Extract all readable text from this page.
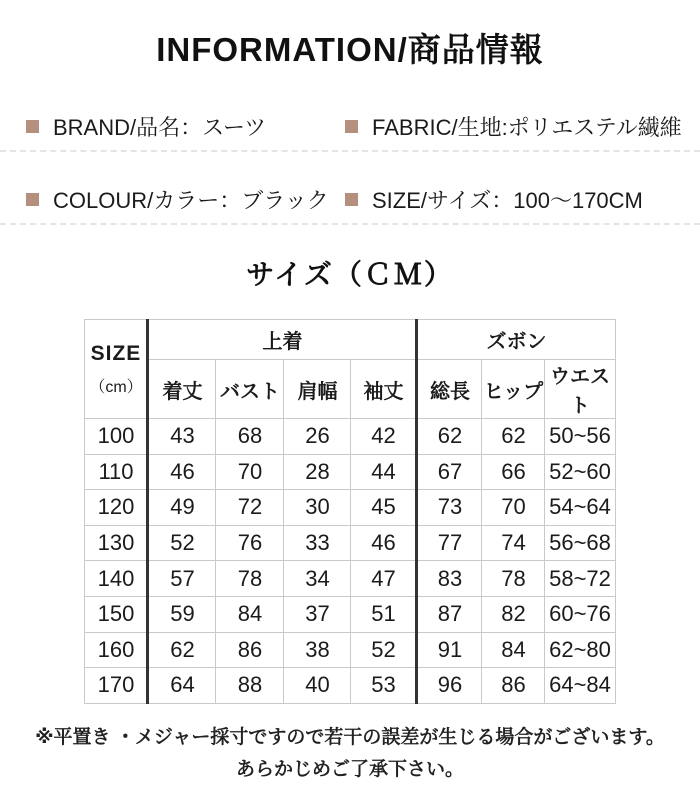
INFORMATION/商品情報
BRAND/品名：スーツ	FABRIC/生地:ポリエステル繊維
COLOUR/カラー：ブラック SIZE/サイズ：100〜170CM
サイズ（ＣＭ）
SIZE
（cm）	上着				ズボン		
	着丈	バスト	肩幅	袖丈	総長	ヒップ	ウエスト
100	43	68	26	42	62	62	50~56
110	46	70	28	44	67	66	52~60
120	49	72	30	45	73	70	54~64
130	52	76	33	46	77	74	56~68
140	57	78	34	47	83	78	58~72
150	59	84	37	51	87	82	60~76
160	62	86	38	52	91	84	62~80
170	64	88	40	53	96	86	64~84
※平置き ・メジャー採寸ですので若干の誤差が生じる場合がございます。
あらかじめご了承下さい。
